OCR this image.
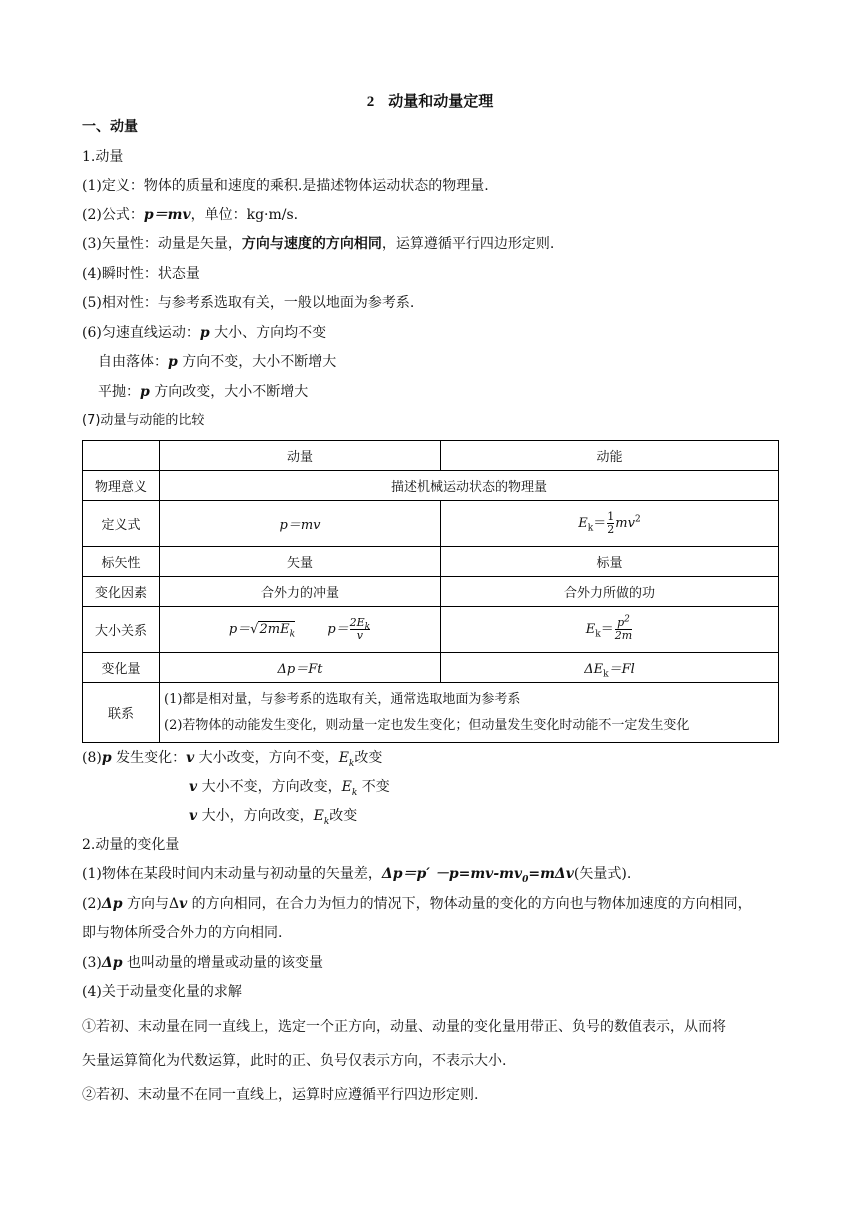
2 动量和动量定理
一、动量
1.动量
(1)定义：物体的质量和速度的乘积.是描述物体运动状态的物理量.
(2)公式：p＝mv，单位：kg·m/s.
(3)矢量性：动量是矢量，方向与速度的方向相同，运算遵循平行四边形定则.
(4)瞬时性：状态量
(5)相对性：与参考系选取有关，一般以地面为参考系.
(6)匀速直线运动：p 大小、方向均不变
自由落体：p 方向不变，大小不断增大
平抛：p 方向改变，大小不断增大
(7)动量与动能的比较
	动量	动能
物理意义	描述机械运动状态的物理量	
定义式	p＝mv	$E_k= \frac{1}{2} mv^2$
标矢性	矢量	标量
变化因素	合外力的冲量	合外力所做的功
大小关系	$p=√2mE_k$ $p= \frac{2E_k}{v}$	$E_k= \frac{p^2}{2m}$

变化量	Δp＝Ft	$\Delta E_k=Fl$
联系	(1)都是相对量，与参考系的选取有关，通常选取地面为参考系
(2)若物体的动能发生变化，则动量一定也发生变化；但动量发生变化时动能不一定发生变化	
(8)p 发生变化：v 大小改变，方向不变，$E_k$改变
v 大小不变，方向改变，$E_k$ 不变
v 大小，方向改变，$E_k$改变
2.动量的变化量
(1)物体在某段时间内末动量与初动量的矢量差，$\Delta p=p' -p=mv-mv_0=m\Delta v$(矢量式).
(2)Δp 方向与Δv 的方向相同，在合力为恒力的情况下，物体动量的变化的方向也与物体加速度的方向相同，
即与物体所受合外力的方向相同.
(3)Δp 也叫动量的增量或动量的该变量
(4)关于动量变化量的求解
①若初、末动量在同一直线上，选定一个正方向，动量、动量的变化量用带正、负号的数值表示，从而将
矢量运算简化为代数运算，此时的正、负号仅表示方向，不表示大小.
②若初、末动量不在同一直线上，运算时应遵循平行四边形定则.
